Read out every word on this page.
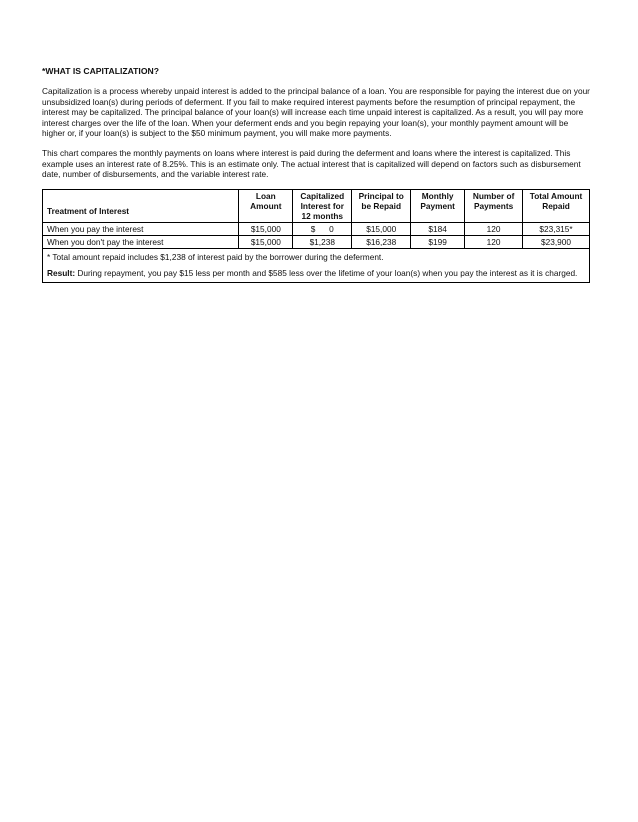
*WHAT IS CAPITALIZATION?

Capitalization is a process whereby unpaid interest is added to the principal balance of a loan. You are responsible for paying the interest due on your unsubsidized loan(s) during periods of deferment. If you fail to make required interest payments before the resumption of principal repayment, the interest may be capitalized. The principal balance of your loan(s) will increase each time unpaid interest is capitalized. As a result, you will pay more interest charges over the life of the loan. When your deferment ends and you begin repaying your loan(s), your monthly payment amount will be higher or, if your loan(s) is subject to the $50 minimum payment, you will make more payments.

This chart compares the monthly payments on loans where interest is paid during the deferment and loans where the interest is capitalized. This example uses an interest rate of 8.25%. This is an estimate only. The actual interest that is capitalized will depend on factors such as disbursement date, number of disbursements, and the variable interest rate.

Treatment of Interest	Loan Amount	Capitalized Interest for 12 months	Principal to be Repaid	Monthly Payment	Number of Payments	Total Amount Repaid
When you pay the interest	$15,000	$      0	$15,000	$184	120	$23,315*
When you don't pay the interest	$15,000	$1,238	$16,238	$199	120	$23,900

* Total amount repaid includes $1,238 of interest paid by the borrower during the deferment.

Result: During repayment, you pay $15 less per month and $585 less over the lifetime of your loan(s) when you pay the interest as it is charged.						
